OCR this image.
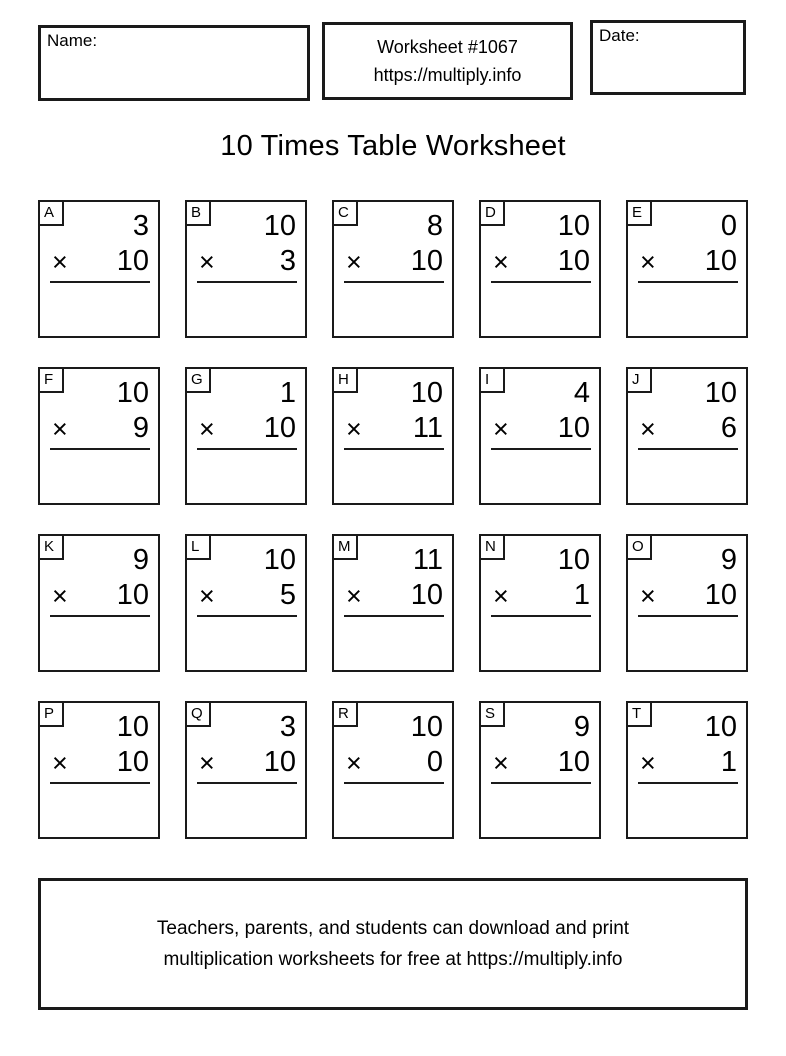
Name:	Worksheet #1067
https://multiply.info
Date:
10 Times Table Worksheet
A	3
× 10
B	10
× 3
C	8
× 10
D	10
× 10
E	0
× 10
F	10
× 9
G	1
× 10
H	10
× 11
I	4
× 10
J	10
× 6
K	9
× 10
L	10
× 5
M	11
× 10
N	10
× 1
O	9
× 10
P	10
× 10
Q	3
× 10
R	10
× 0
S	9
× 10
T	10
× 1
Teachers, parents, and students can download and print
multiplication worksheets for free at https://multiply.info
